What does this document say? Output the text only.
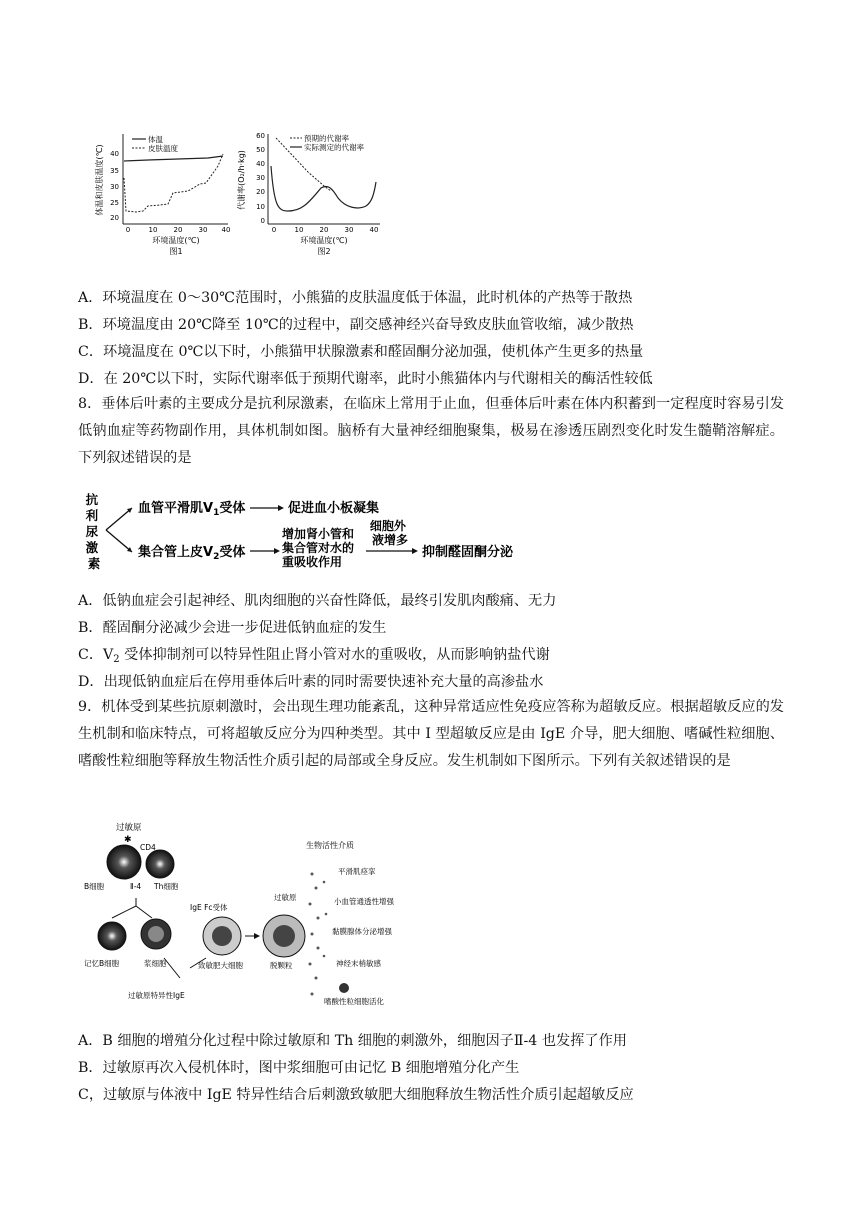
体温和皮肤温度(℃) 40
35
30
25
20
0	10 20 30 40
环境温度(℃)
图1
体温
皮肤温度
代谢率(O₂/h·kg)
60
50
40
30
20
10
0
0	10 20 30 40
环境温度(℃)
图2
预期的代谢率
实际测定的代谢率
A．环境温度在 0～30℃范围时，小熊猫的皮肤温度低于体温，此时机体的产热等于散热
B．环境温度由 20℃降至 10℃的过程中，副交感神经兴奋导致皮肤血管收缩，减少散热
C．环境温度在 0℃以下时，小熊猫甲状腺激素和醛固酮分泌加强，使机体产生更多的热量
D．在 20℃以下时，实际代谢率低于预期代谢率，此时小熊猫体内与代谢相关的酶活性较低
8．垂体后叶素的主要成分是抗利尿激素，在临床上常用于止血，但垂体后叶素在体内积蓄到一定程度时容易引发低钠血症等药物副作用，具体机制如图。脑桥有大量神经细胞聚集，极易在渗透压剧烈变化时发生髓鞘溶解症。下列叙述错误的是
抗 利 尿 激 素
血管平滑肌$V_1$受体	促进血小板凝集
集合管上皮$V_2$受体
增加肾小管和 集合管对水的 重吸收作用
细胞外 液增多
抑制醛固酮分泌
A．低钠血症会引起神经、肌肉细胞的兴奋性降低，最终引发肌肉酸痛、无力
B．醛固酮分泌减少会进一步促进低钠血症的发生
C．$V_2$ 受体抑制剂可以特异性阻止肾小管对水的重吸收，从而影响钠盐代谢
D．出现低钠血症后在停用垂体后叶素的同时需要快速补充大量的高渗盐水
9．机体受到某些抗原刺激时，会出现生理功能紊乱，这种异常适应性免疫应答称为超敏反应。根据超敏反应的发生机制和临床特点，可将超敏反应分为四种类型。其中 I 型超敏反应是由 IgE 介导，肥大细胞、嗜碱性粒细胞、嗜酸性粒细胞等释放生物活性介质引起的局部或全身反应。发生机制如下图所示。下列有关叙述错误的是
过敏原
✱
CD4
Ⅱ-4 Th细胞
B细胞
记忆B细胞	浆细胞
IgE Fc受体
致敏肥大细胞
过敏原
脱颗粒
过敏原特异性IgE
生物活性介质
平滑肌痉挛
小血管通透性增强
黏膜腺体分泌增强
神经末梢敏感
嗜酸性粒细胞活化
A．B 细胞的增殖分化过程中除过敏原和 Th 细胞的刺激外，细胞因子Ⅱ-4 也发挥了作用
B．过敏原再次入侵机体时，图中浆细胞可由记忆 B 细胞增殖分化产生
C，过敏原与体液中 IgE 特异性结合后刺激致敏肥大细胞释放生物活性介质引起超敏反应
